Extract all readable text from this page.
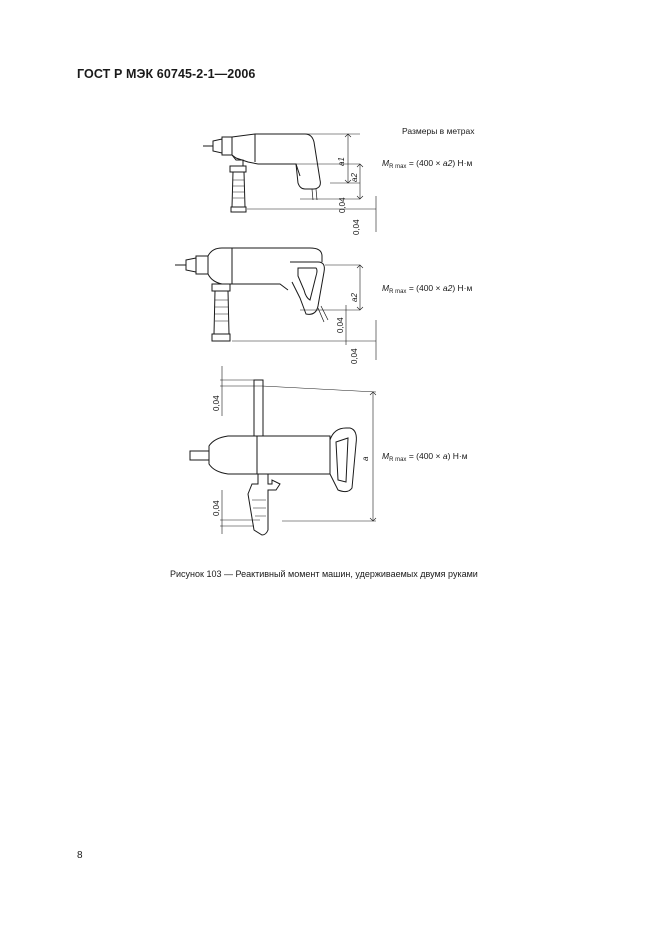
ГОСТ Р МЭК 60745-2-1—2006
Размеры в метрах
$M_{R max} = (400 \times a2)$ Н·м
$M_{R max} = (400 \times a2)$ Н·м
$M_{R max} = (400 \times a)$ Н·м
a1
a2
0,04
0,04
a2
0,04
0,04
0,04
0,04
a
Рисунок 103 — Реактивный момент машин, удерживаемых двумя руками
8
